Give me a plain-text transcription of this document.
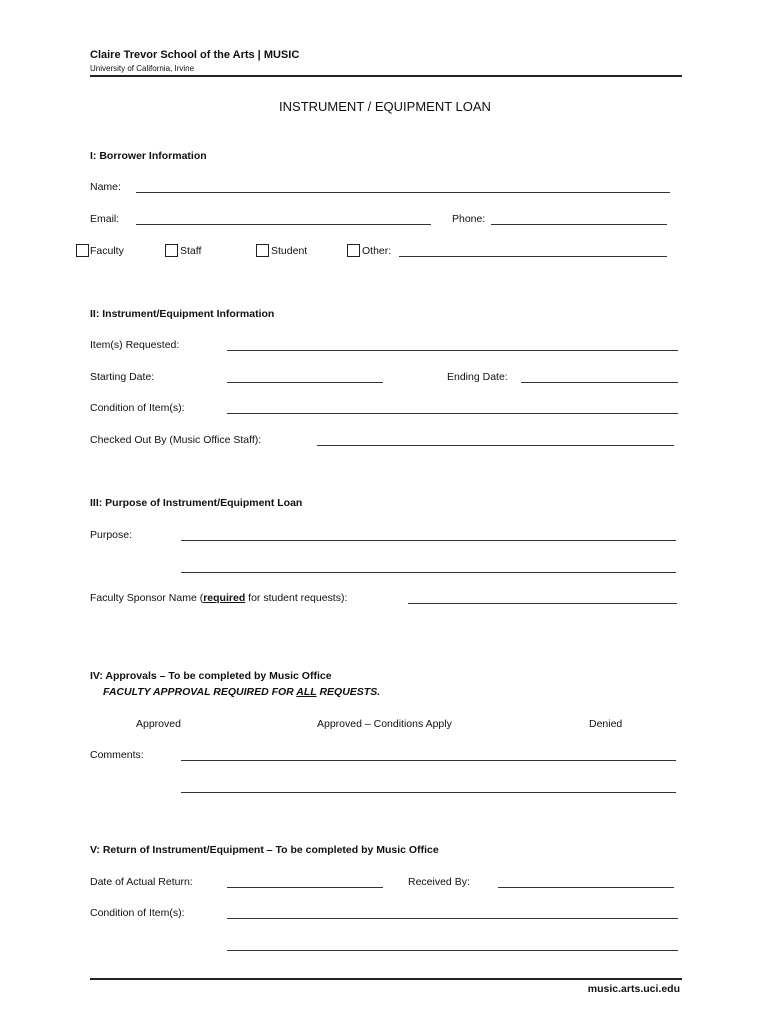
Claire Trevor School of the Arts | MUSIC
University of California, Irvine
INSTRUMENT / EQUIPMENT LOAN
I: Borrower Information
Name:
Email:	Phone:
Faculty	Staff	Student	Other:
II: Instrument/Equipment Information
Item(s) Requested:
Starting Date:	Ending Date:
Condition of Item(s):
Checked Out By (Music Office Staff):
III: Purpose of Instrument/Equipment Loan
Purpose:
Faculty Sponsor Name (required for student requests):
IV: Approvals – To be completed by Music Office
FACULTY APPROVAL REQUIRED FOR ALL REQUESTS.
Approved	Approved – Conditions Apply	Denied
Comments:
V: Return of Instrument/Equipment – To be completed by Music Office
Date of Actual Return:	Received By:
Condition of Item(s):
music.arts.uci.edu
